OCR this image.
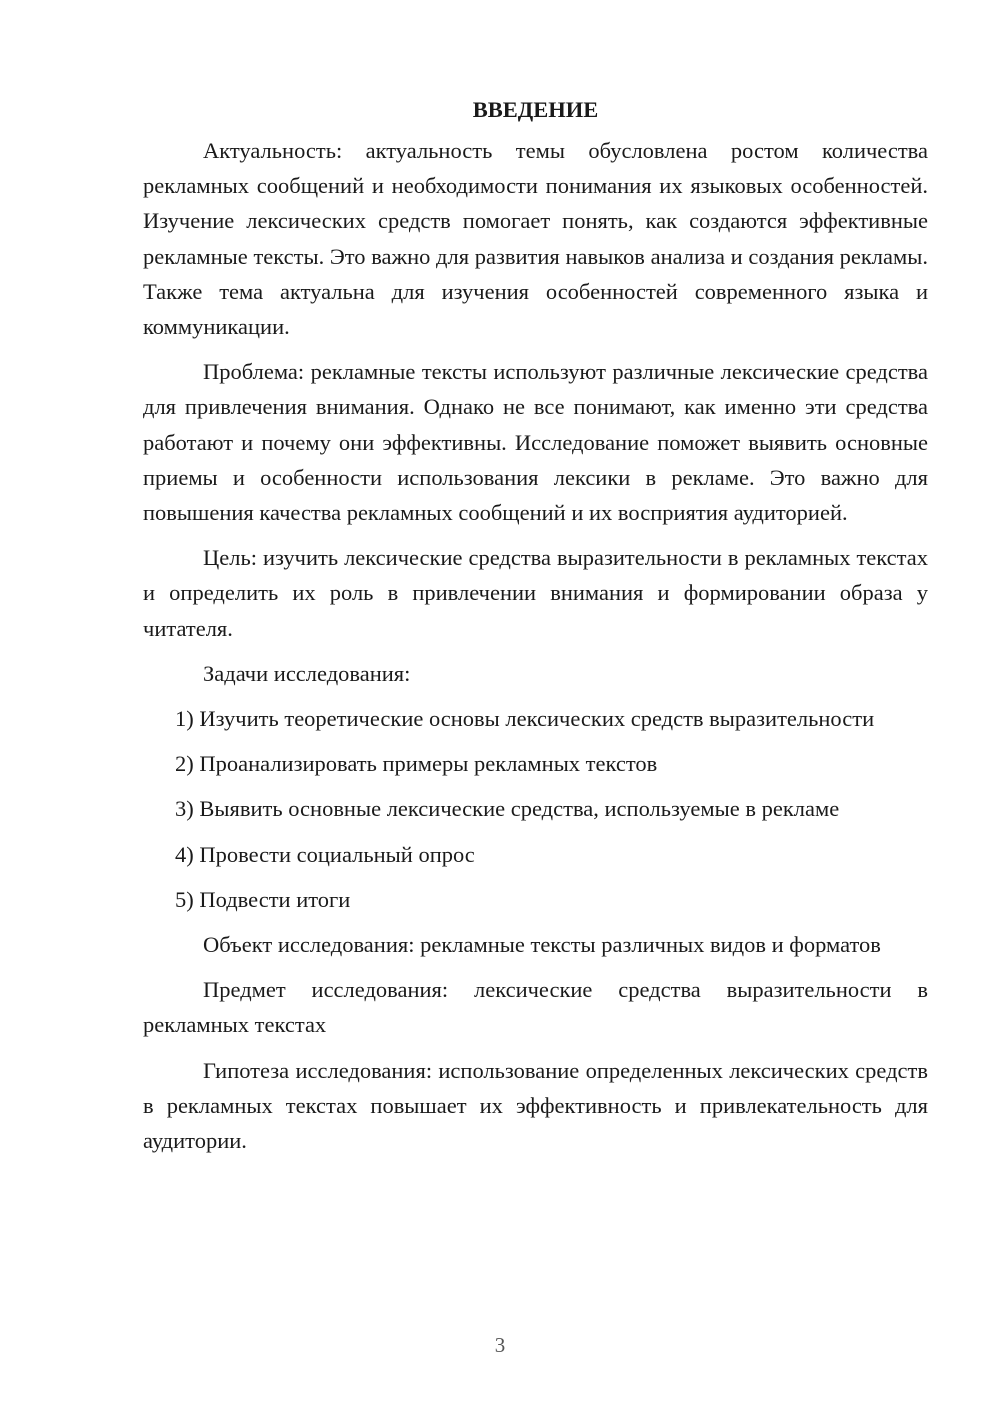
ВВЕДЕНИЕ

Актуальность: актуальность темы обусловлена ростом количества рекламных сообщений и необходимости понимания их языковых особенностей. Изучение лексических средств помогает понять, как создаются эффективные рекламные тексты. Это важно для развития навыков анализа и создания рекламы. Также тема актуальна для изучения особенностей современного языка и коммуникации.

Проблема: рекламные тексты используют различные лексические средства для привлечения внимания. Однако не все понимают, как именно эти средства работают и почему они эффективны. Исследование поможет выявить основные приемы и особенности использования лексики в рекламе. Это важно для повышения качества рекламных сообщений и их восприятия аудиторией.

Цель: изучить лексические средства выразительности в рекламных текстах и определить их роль в привлечении внимания и формировании образа у читателя.

Задачи исследования:

1) Изучить теоретические основы лексических средств выразительности

2) Проанализировать примеры рекламных текстов

3) Выявить основные лексические средства, используемые в рекламе

4) Провести социальный опрос

5) Подвести итоги

Объект исследования: рекламные тексты различных видов и форматов

Предмет исследования: лексические средства выразительности в рекламных текстах

Гипотеза исследования: использование определенных лексических средств в рекламных текстах повышает их эффективность и привлекательность для аудитории.

3
